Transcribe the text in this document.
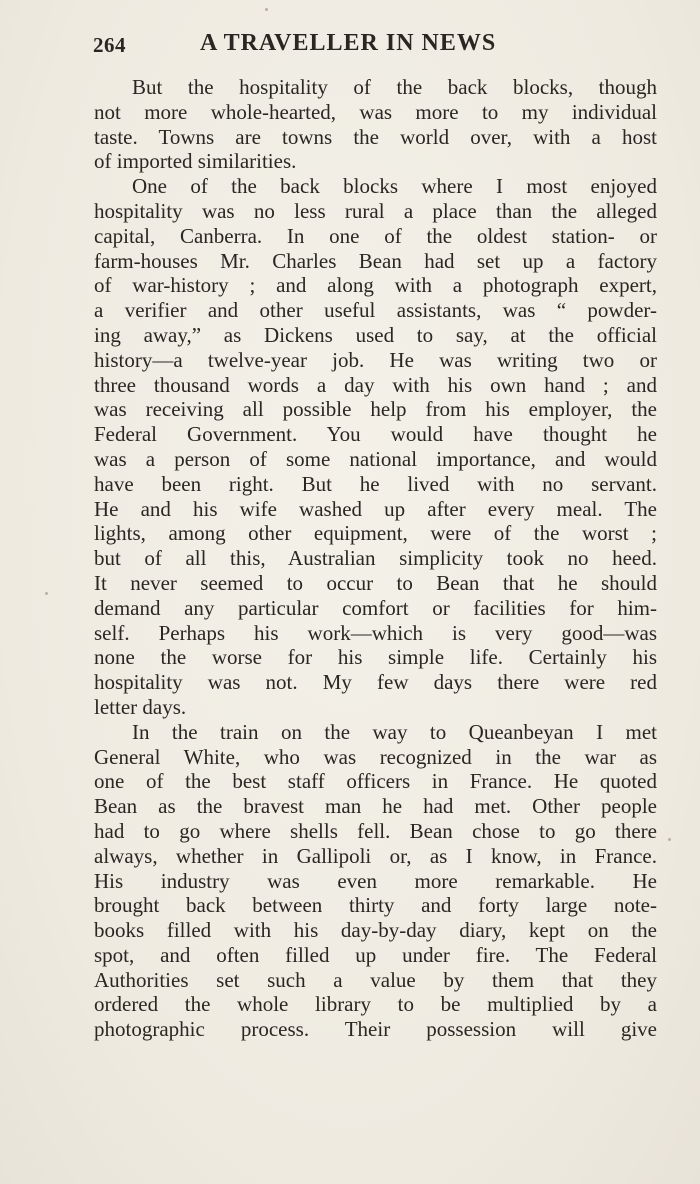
264	A TRAVELLER IN NEWS
But the hospitality of the back blocks, though
not more whole-hearted, was more to my individual
taste. Towns are towns the world over, with a host
of imported similarities.
One of the back blocks where I most enjoyed
hospitality was no less rural a place than the alleged
capital, Canberra. In one of the oldest station- or
farm-houses Mr. Charles Bean had set up a factory
of war-history ; and along with a photograph expert,
a verifier and other useful assistants, was “ powder-
ing away,” as Dickens used to say, at the official
history—a twelve-year job. He was writing two or
three thousand words a day with his own hand ; and
was receiving all possible help from his employer, the
Federal Government. You would have thought he
was a person of some national importance, and would
have been right. But he lived with no servant.
He and his wife washed up after every meal. The
lights, among other equipment, were of the worst ;
but of all this, Australian simplicity took no heed.
It never seemed to occur to Bean that he should
demand any particular comfort or facilities for him-
self. Perhaps his work—which is very good—was
none the worse for his simple life. Certainly his
hospitality was not. My few days there were red
letter days.
In the train on the way to Queanbeyan I met
General White, who was recognized in the war as
one of the best staff officers in France. He quoted
Bean as the bravest man he had met. Other people
had to go where shells fell. Bean chose to go there
always, whether in Gallipoli or, as I know, in France.
His industry was even more remarkable. He
brought back between thirty and forty large note-
books filled with his day-by-day diary, kept on the
spot, and often filled up under fire. The Federal
Authorities set such a value by them that they
ordered the whole library to be multiplied by a
photographic process. Their possession will give
